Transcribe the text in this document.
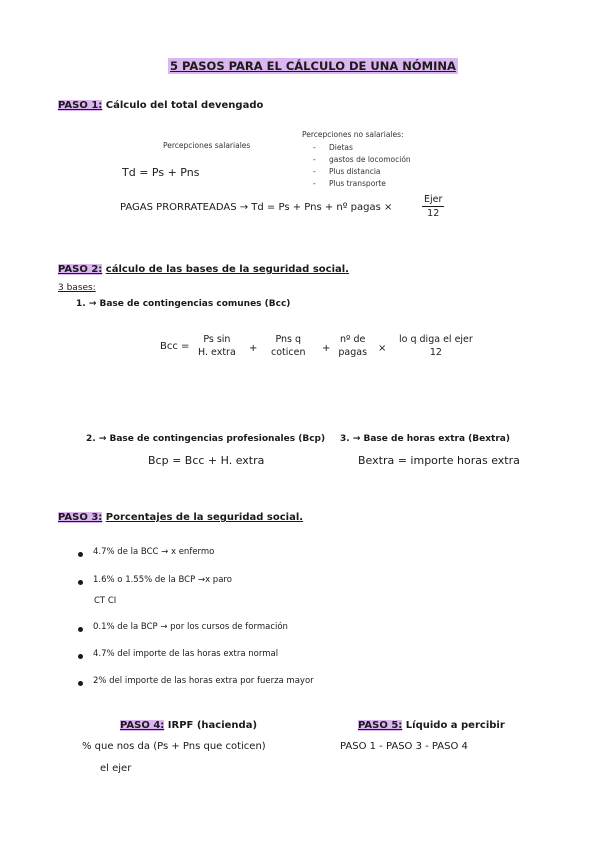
5 PASOS PARA EL CÁLCULO DE UNA NÓMINA
PASO 1: Cálculo del total devengado
Percepciones salariales
Percepciones no salariales:
- Dietas
- gastos de locomoción
- Plus distancia
- Plus transporte
Td = Ps + Pns
PAGAS PRORRATEADAS → Td = Ps + Pns + nº pagas ×
Ejer
12
PASO 2: cálculo de las bases de la seguridad social.
3 bases:
1. → Base de contingencias comunes (Bcc)
Bcc =
Ps sin
H. extra +
Pns q
coticen +
nº de
pagas ×
lo q diga el ejer
12
2. → Base de contingencias profesionales (Bcp)
Bcp = Bcc + H. extra
3. → Base de horas extra (Bextra)
Bextra = importe horas extra
PASO 3: Porcentajes de la seguridad social.
4.7% de la BCC → x enfermo
1.6% o 1.55% de la BCP →x paro
CT CI
0.1% de la BCP → por los cursos de formación
4.7% del importe de las horas extra normal
2% del importe de las horas extra por fuerza mayor
PASO 4: IRPF (hacienda)
% que nos da (Ps + Pns que coticen)
el ejer
PASO 5: Líquido a percibir
PASO 1 - PASO 3 - PASO 4
